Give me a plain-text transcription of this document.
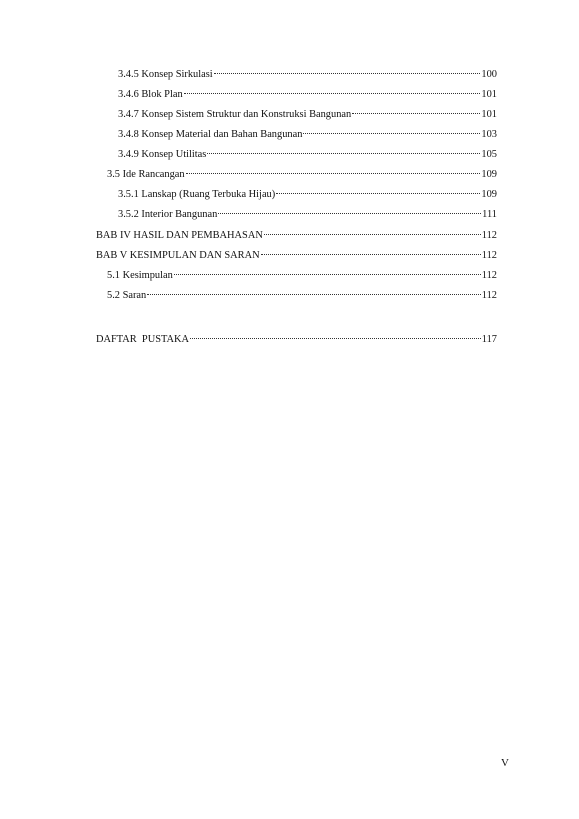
3.4.5 Konsep Sirkulasi	100
3.4.6 Blok Plan	101
3.4.7 Konsep Sistem Struktur dan Konstruksi Bangunan	101
3.4.8 Konsep Material dan Bahan Bangunan	103
3.4.9 Konsep Utilitas	105
3.5 Ide Rancangan	109
3.5.1 Lanskap (Ruang Terbuka Hijau)	109
3.5.2 Interior Bangunan	111
BAB IV HASIL DAN PEMBAHASAN	112
BAB V KESIMPULAN DAN SARAN	112
5.1 Kesimpulan	112
5.2 Saran	112
DAFTAR  PUSTAKA	117
V
